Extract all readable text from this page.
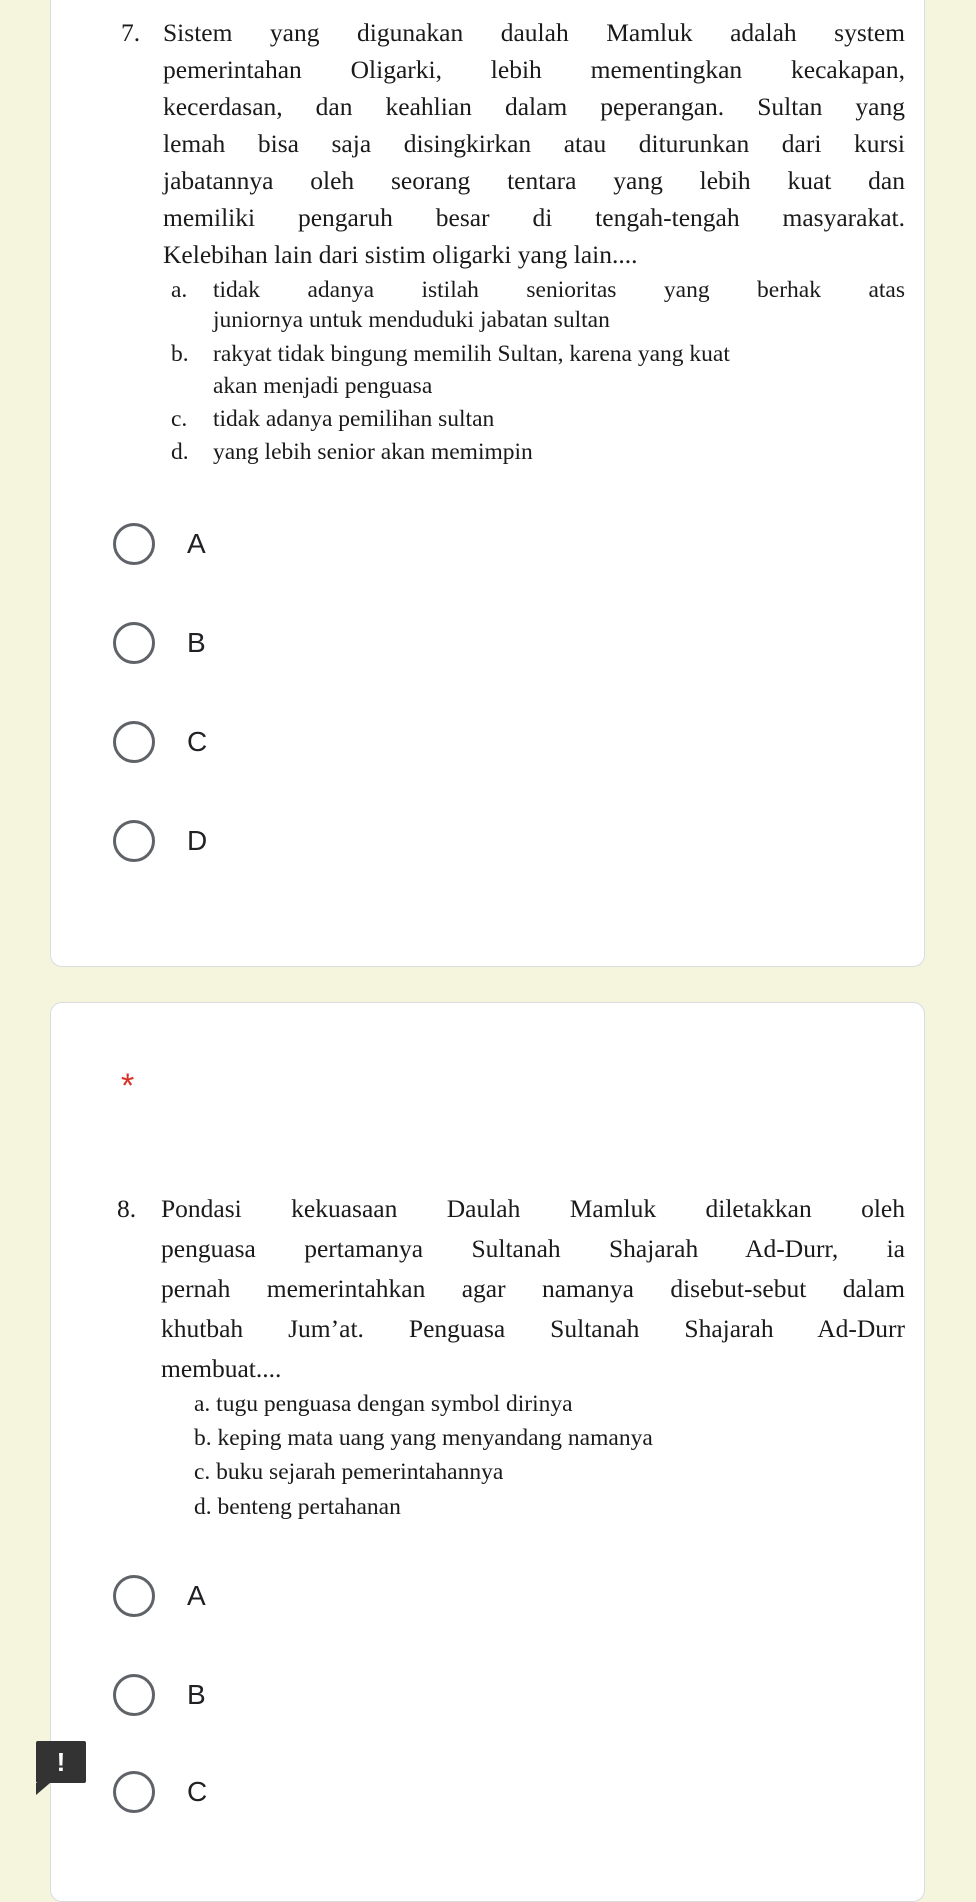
7. Sistem yang digunakan daulah Mamluk adalah system
pemerintahan Oligarki, lebih mementingkan kecakapan,
kecerdasan, dan keahlian dalam peperangan. Sultan yang
lemah bisa saja disingkirkan atau diturunkan dari kursi
jabatannya oleh seorang tentara yang lebih kuat dan
memiliki pengaruh besar di tengah-tengah masyarakat.
Kelebihan lain dari sistim oligarki yang lain....
a. tidak adanya istilah senioritas yang berhak atas
juniornya untuk menduduki jabatan sultan
b. rakyat tidak bingung memilih Sultan, karena yang kuat
akan menjadi penguasa
c. tidak adanya pemilihan sultan
d. yang lebih senior akan memimpin
A
B
C
D
*
8. Pondasi kekuasaan Daulah Mamluk diletakkan oleh
penguasa pertamanya Sultanah Shajarah Ad-Durr, ia
pernah memerintahkan agar namanya disebut-sebut dalam
khutbah Jum’at. Penguasa Sultanah Shajarah Ad-Durr
membuat....
a. tugu penguasa dengan symbol dirinya
b. keping mata uang yang menyandang namanya
c. buku sejarah pemerintahannya
d. benteng pertahanan
A
B
C
!
